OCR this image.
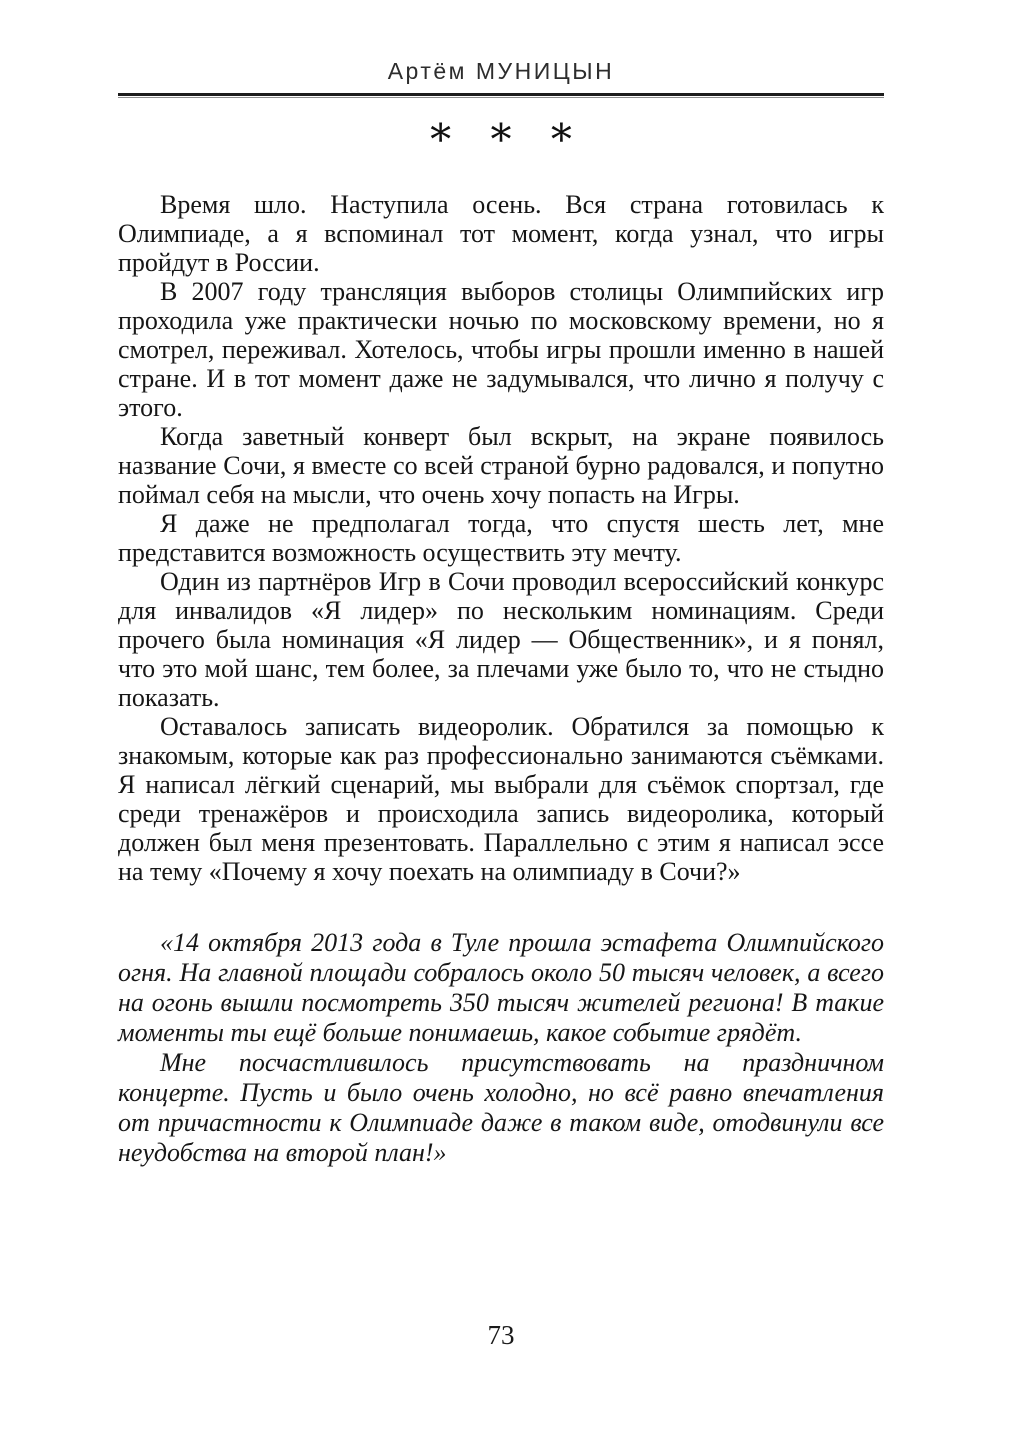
Артём МУНИЦЫН
* * *

Время шло. Наступила осень. Вся страна готовилась к Олимпиаде, а я вспоминал тот момент, когда узнал, что игры пройдут в России.

В 2007 году трансляция выборов столицы Олимпийских игр проходила уже практически ночью по московскому времени, но я смотрел, переживал. Хотелось, чтобы игры прошли именно в нашей стране. И в тот момент даже не задумывался, что лично я получу с этого.

Когда заветный конверт был вскрыт, на экране появилось название Сочи, я вместе со всей страной бурно радовался, и попутно поймал себя на мысли, что очень хочу попасть на Игры.

Я даже не предполагал тогда, что спустя шесть лет, мне представится возможность осуществить эту мечту.

Один из партнёров Игр в Сочи проводил всероссийский конкурс для инвалидов «Я лидер» по нескольким номинациям. Среди прочего была номинация «Я лидер — Общественник», и я понял, что это мой шанс, тем более, за плечами уже было то, что не стыдно показать.

Оставалось записать видеоролик. Обратился за помощью к знакомым, которые как раз профессионально занимаются съёмками. Я написал лёгкий сценарий, мы выбрали для съёмок спортзал, где среди тренажёров и происходила запись видеоролика, который должен был меня презентовать. Параллельно с этим я написал эссе на тему «Почему я хочу поехать на олимпиаду в Сочи?»

«14 октября 2013 года в Туле прошла эстафета Олимпийского огня. На главной площади собралось около 50 тысяч человек, а всего на огонь вышли посмотреть 350 тысяч жителей региона! В такие моменты ты ещё больше понимаешь, какое событие грядёт.

Мне посчастливилось присутствовать на праздничном концерте. Пусть и было очень холодно, но всё равно впечатления от причастности к Олимпиаде даже в таком виде, отодвинули все неудобства на второй план!»

73
